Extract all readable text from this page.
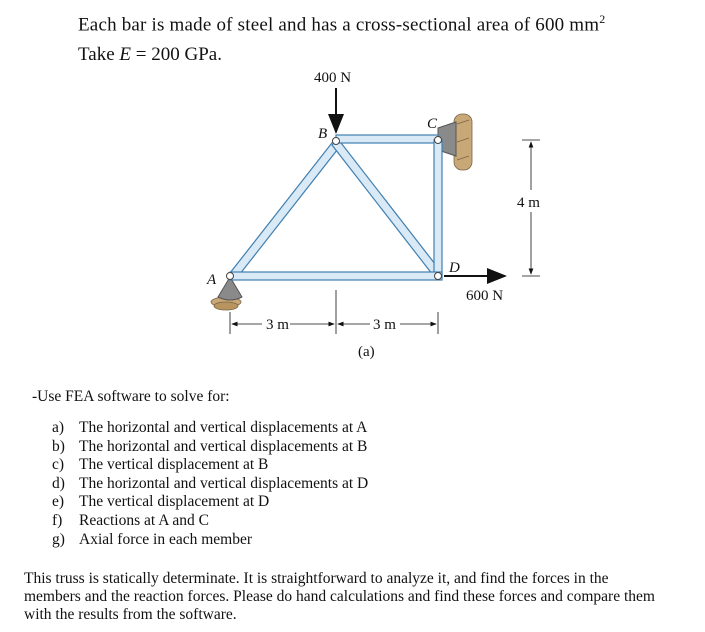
Each bar is made of steel and has a cross-sectional area of 600 $mm^2$
Take E = 200 GPa.
400 N
600 N
A
B
C
D
4 m
3 m	3 m
(a)
-Use FEA software to solve for:
a) The horizontal and vertical displacements at A
b) The horizontal and vertical displacements at B
c) The vertical displacement at B
d) The horizontal and vertical displacements at D
e) The vertical displacement at D
f) Reactions at A and C
g) Axial force in each member
This truss is statically determinate. It is straightforward to analyze it, and find the forces in the members and the reaction forces. Please do hand calculations and find these forces and compare them with the results from the software.
